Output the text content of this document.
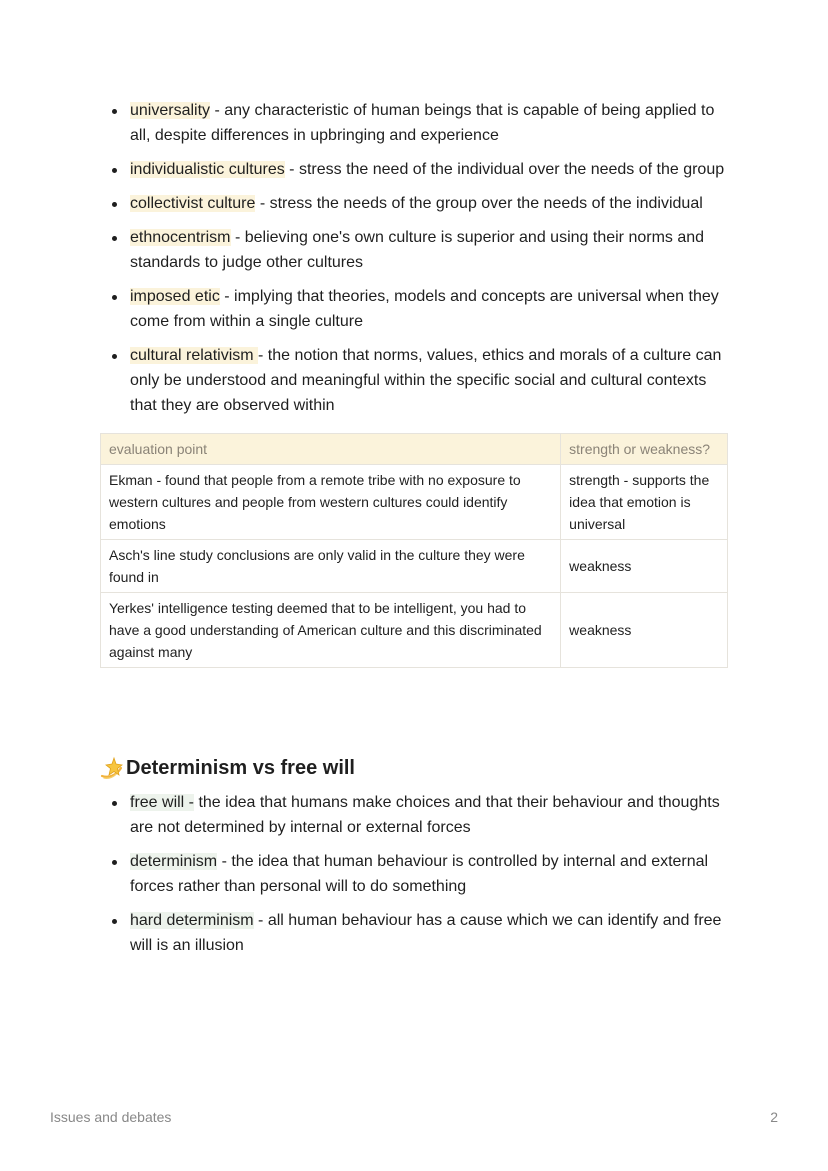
universality - any characteristic of human beings that is capable of being applied to all, despite differences in upbringing and experience
individualistic cultures - stress the need of the individual over the needs of the group
collectivist culture - stress the needs of the group over the needs of the individual
ethnocentrism - believing one's own culture is superior and using their norms and standards to judge other cultures
imposed etic - implying that theories, models and concepts are universal when they come from within a single culture
cultural relativism - the notion that norms, values, ethics and morals of a culture can only be understood and meaningful within the specific social and cultural contexts that they are observed within
evaluation point	strength or weakness?
Ekman - found that people from a remote tribe with no exposure to western cultures and people from western cultures could identify emotions	strength - supports the idea that emotion is universal
Asch's line study conclusions are only valid in the culture they were found in	weakness
Yerkes' intelligence testing deemed that to be intelligent, you had to have a good understanding of American culture and this discriminated against many	weakness
Determinism vs free will
free will - the idea that humans make choices and that their behaviour and thoughts are not determined by internal or external forces
determinism - the idea that human behaviour is controlled by internal and external forces rather than personal will to do something
hard determinism - all human behaviour has a cause which we can identify and free will is an illusion
Issues and debates	2
